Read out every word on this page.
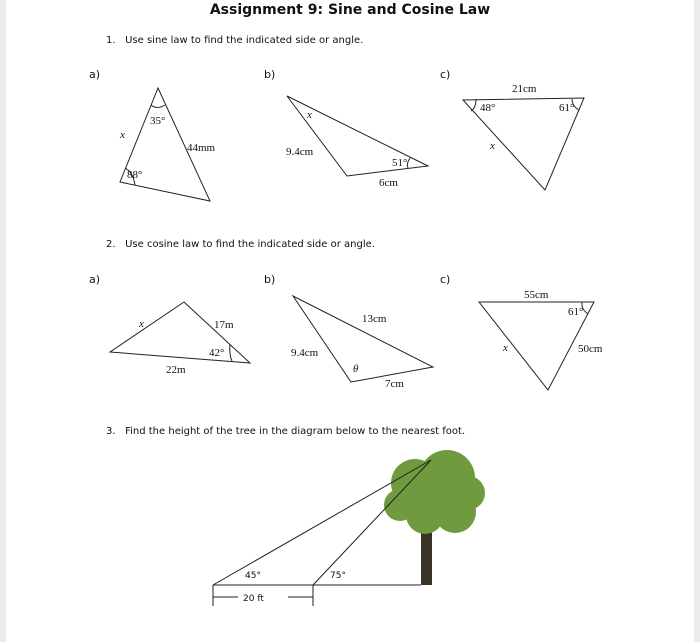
Assignment 9: Sine and Cosine Law
1. Use sine law to find the indicated side or angle.
a)	b)	c)
2. Use cosine law to find the indicated side or angle.
a)	b)	c)
3. Find the height of the tree in the diagram below to the nearest foot.
35°
88°
44mm
x
x
9.4cm
51°
6cm
21cm
48°	61°
x
x	17m
42°
22m
13cm
9.4cm
θ
7cm
55cm
61°
x	50cm
45°	75°
20 ft
